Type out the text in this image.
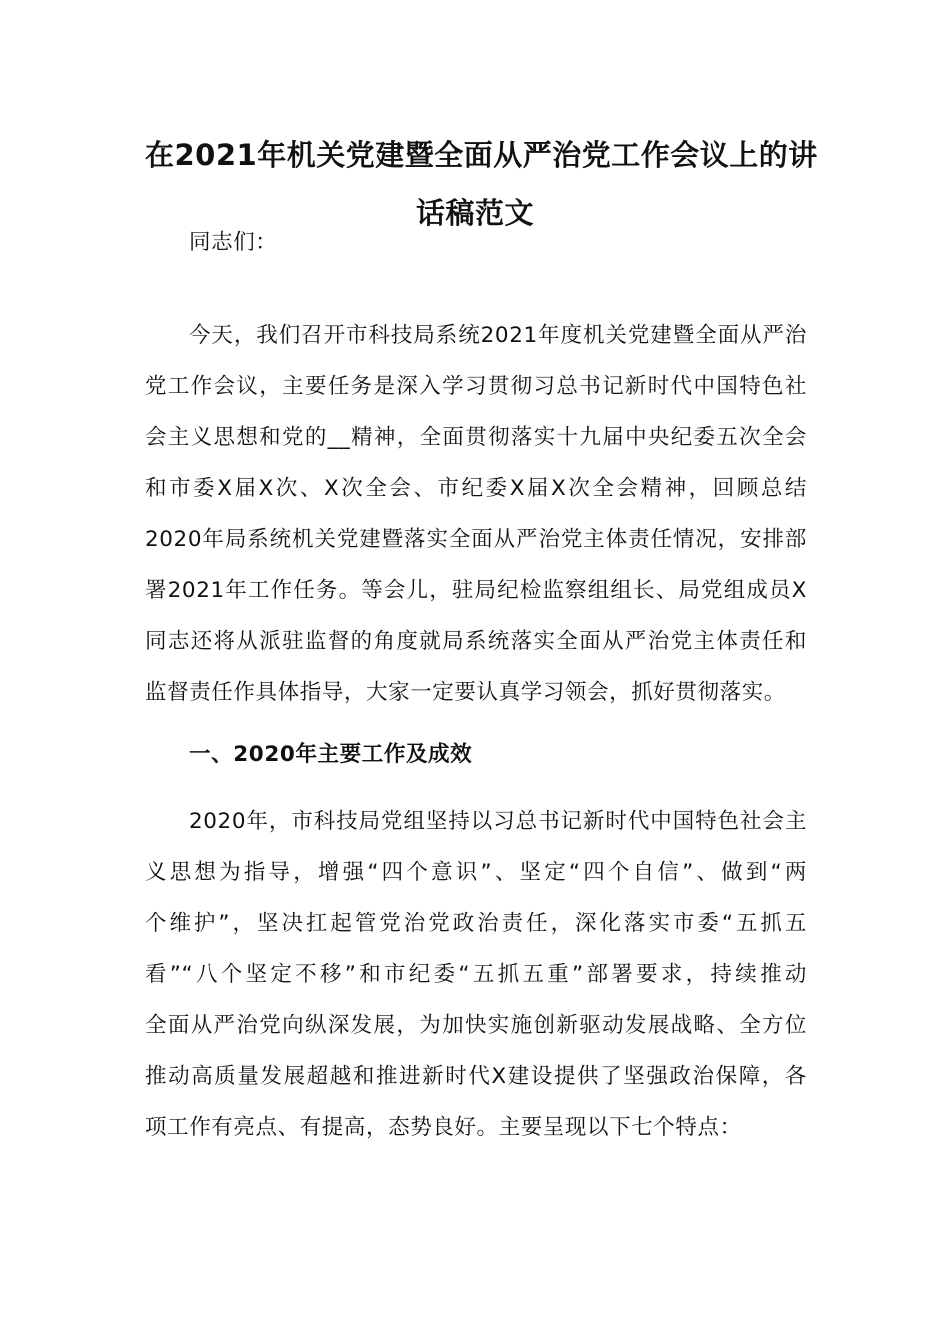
在2021年机关党建暨全面从严治党工作会议上的讲
话稿范文
同志们：
今天，我们召开市科技局系统2021年度机关党建暨全面从严治
党工作会议，主要任务是深入学习贯彻习总书记新时代中国特色社
会主义思想和党的__精神，全面贯彻落实十九届中央纪委五次全会
和市委X届X次、X次全会、市纪委X届X次全会精神，回顾总结
2020年局系统机关党建暨落实全面从严治党主体责任情况，安排部
署2021年工作任务。等会儿，驻局纪检监察组组长、局党组成员X
同志还将从派驻监督的角度就局系统落实全面从严治党主体责任和
监督责任作具体指导，大家一定要认真学习领会，抓好贯彻落实。
一、2020年主要工作及成效
2020年，市科技局党组坚持以习总书记新时代中国特色社会主
义思想为指导，增强“四个意识”、坚定“四个自信”、做到“两
个维护”，坚决扛起管党治党政治责任，深化落实市委“五抓五
看”“八个坚定不移”和市纪委“五抓五重”部署要求，持续推动
全面从严治党向纵深发展，为加快实施创新驱动发展战略、全方位
推动高质量发展超越和推进新时代X建设提供了坚强政治保障，各
项工作有亮点、有提高，态势良好。主要呈现以下七个特点：
